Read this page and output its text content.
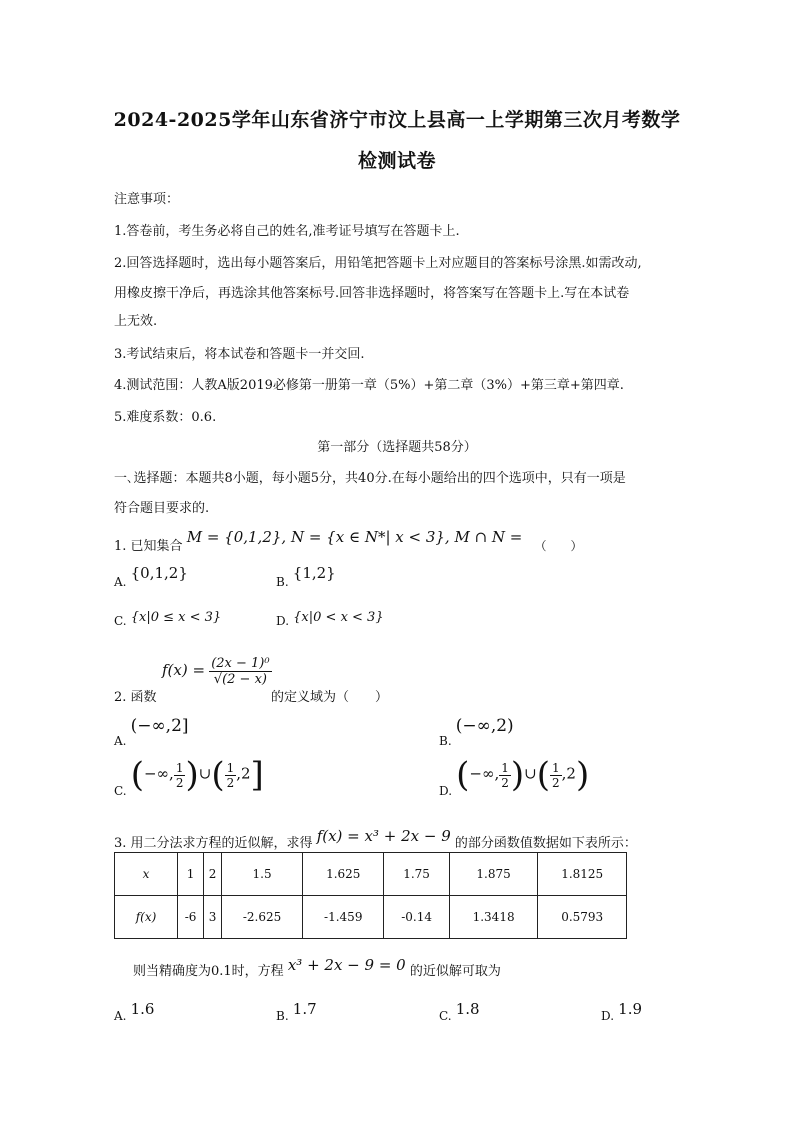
2024-2025学年山东省济宁市汶上县高一上学期第三次月考数学
检测试卷
注意事项：
1.答卷前，考生务必将自己的姓名,准考证号填写在答题卡上.
2.回答选择题时，选出每小题答案后，用铅笔把答题卡上对应题目的答案标号涂黑.如需改动,
用橡皮擦干净后，再选涂其他答案标号.回答非选择题时，将答案写在答题卡上.写在本试卷
上无效.
3.考试结束后，将本试卷和答题卡一并交回.
4.测试范围：人教A版2019必修第一册第一章（5%）+第二章（3%）+第三章+第四章.
5.难度系数：0.6.
第一部分（选择题共58分）
一､选择题：本题共8小题，每小题5分，共40分.在每小题给出的四个选项中，只有一项是
符合题目要求的.
1. 已知集合 M = {0,1,2}, N = {x ∈ N*| x < 3}, M ∩ N = （　　）
A. {0,1,2}	B. {1,2}
C. {x|0 ≤ x < 3}	D. {x|0 < x < 3}
2. 函数
$f(x) = \frac{\text{(2x − 1)⁰}}{√(2 - x)}$
的定义域为（　　）
A. (−∞,2]
B. (−∞,2)
C. (−∞, $\frac{1}{2}$ )∪( $\frac{1}{2} ,2$]	D. (−∞, $\frac{1}{2}$ )∪( $\frac{1}{2} ,2$)
3. 用二分法求方程的近似解，求得 f(x) = x³ + 2x − 9 的部分函数值数据如下表所示：
x	1	2	1.5	1.625	1.75	1.875	1.8125
f(x)	-6	3	-2.625	-1.459	-0.14	1.3418	0.5793
则当精确度为0.1时，方程 x³ + 2x − 9 = 0 的近似解可取为
A. 1.6	B. 1.7	C. 1.8	D. 1.9
